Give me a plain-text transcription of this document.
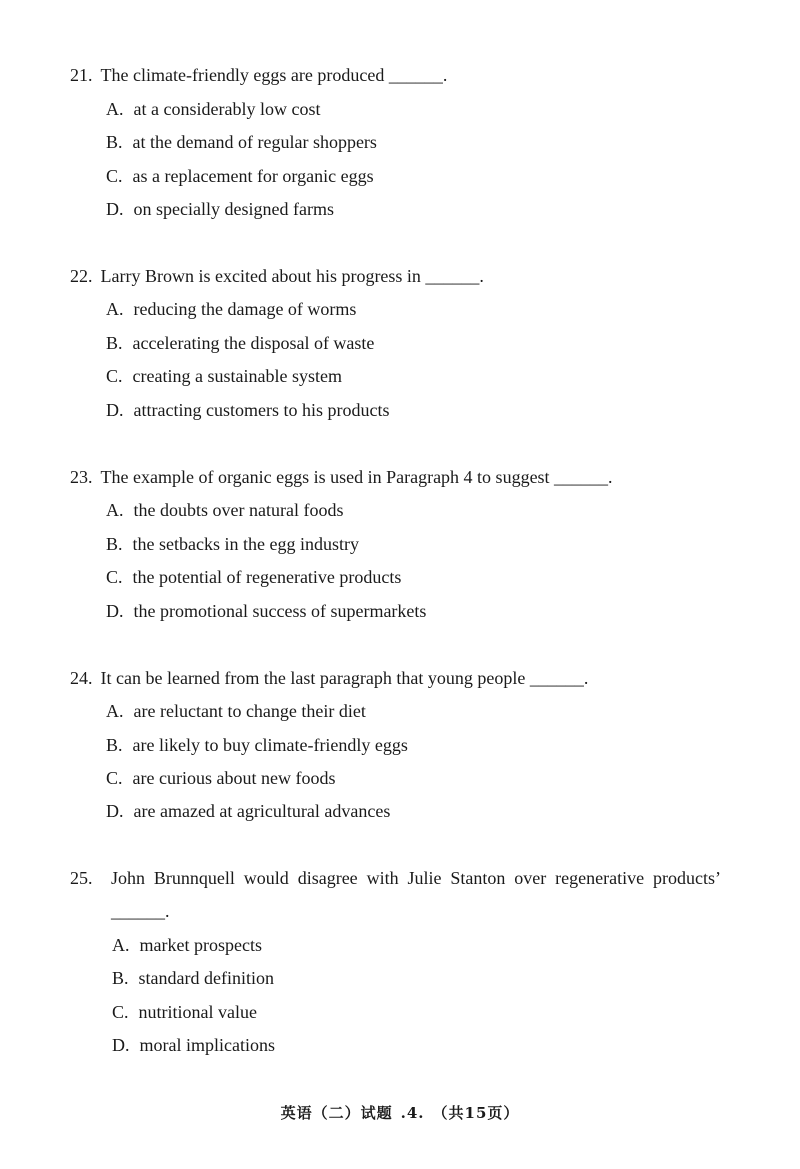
21. The climate-friendly eggs are produced ______.
A. at a considerably low cost
B. at the demand of regular shoppers
C. as a replacement for organic eggs
D. on specially designed farms
22. Larry Brown is excited about his progress in ______.
A. reducing the damage of worms
B. accelerating the disposal of waste
C. creating a sustainable system
D. attracting customers to his products
23. The example of organic eggs is used in Paragraph 4 to suggest ______.
A. the doubts over natural foods
B. the setbacks in the egg industry
C. the potential of regenerative products
D. the promotional success of supermarkets
24. It can be learned from the last paragraph that young people ______.
A. are reluctant to change their diet
B. are likely to buy climate-friendly eggs
C. are curious about new foods
D. are amazed at agricultural advances
25. John Brunnquell would disagree with Julie Stanton over regenerative products’ ______.
A. market prospects
B. standard definition
C. nutritional value
D. moral implications
英语（二）试题 .4. （共15页）
